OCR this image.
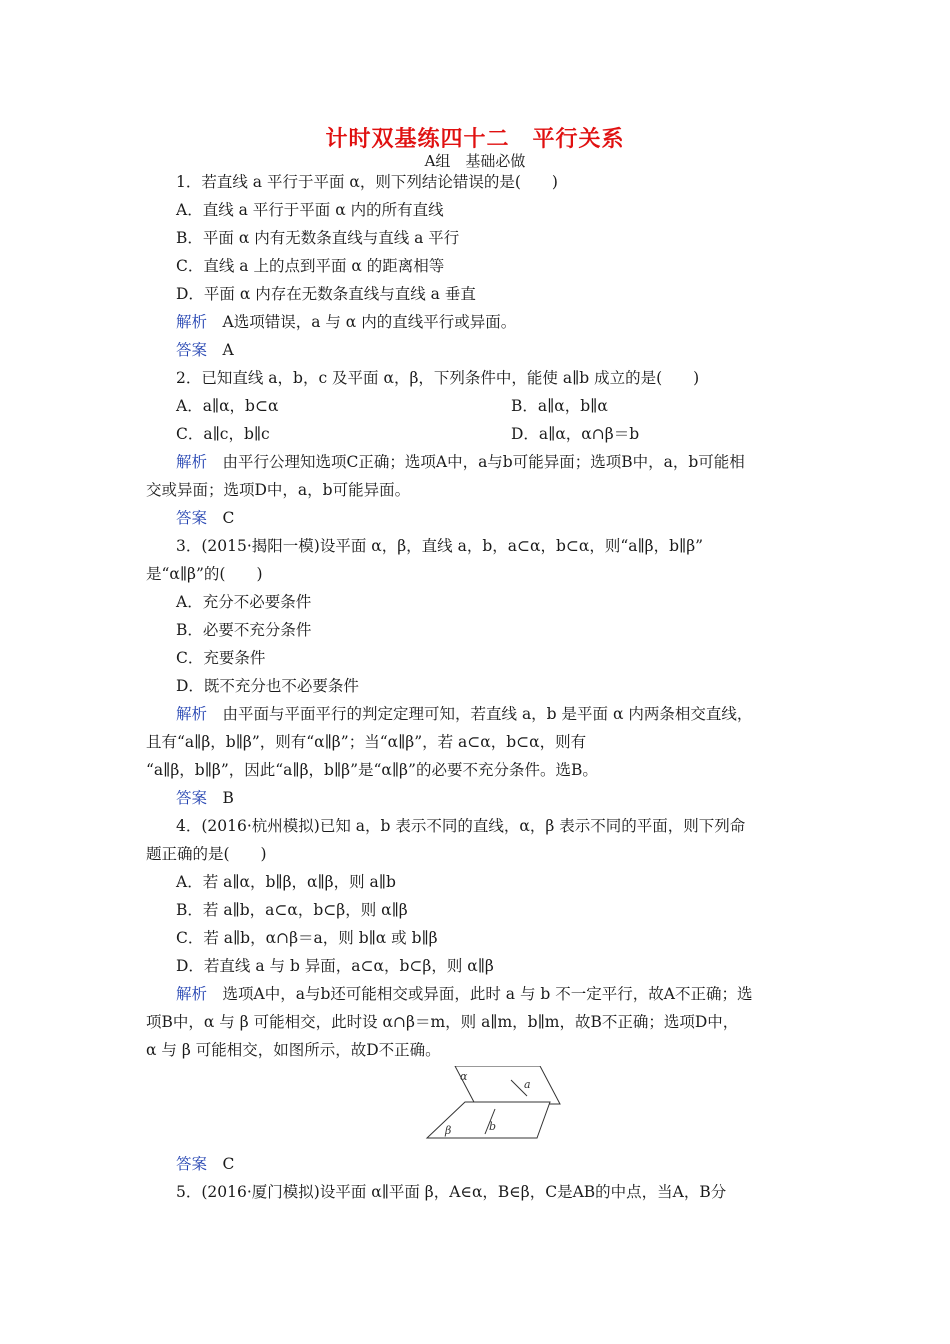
计时双基练四十二　平行关系
A组　基础必做
1．若直线 a 平行于平面 α，则下列结论错误的是(　　)
A．直线 a 平行于平面 α 内的所有直线
B．平面 α 内有无数条直线与直线 a 平行
C．直线 a 上的点到平面 α 的距离相等
D．平面 α 内存在无数条直线与直线 a 垂直
解析　A选项错误，a 与 α 内的直线平行或异面。
答案　A
2．已知直线 a，b，c 及平面 α，β，下列条件中，能使 a∥b 成立的是(　　)
A．a∥α，b⊂α	B．a∥α，b∥α
C．a∥c，b∥c	D．a∥α，α∩β＝b
解析　由平行公理知选项C正确；选项A中，a与b可能异面；选项B中，a，b可能相
交或异面；选项D中，a，b可能异面。
答案　C
3．(2015·揭阳一模)设平面 α，β，直线 a，b，a⊂α，b⊂α，则“a∥β，b∥β”
是“α∥β”的(　　)
A．充分不必要条件
B．必要不充分条件
C．充要条件
D．既不充分也不必要条件
解析　由平面与平面平行的判定定理可知，若直线 a，b 是平面 α 内两条相交直线，
且有“a∥β，b∥β”，则有“α∥β”；当“α∥β”，若 a⊂α，b⊂α，则有
“a∥β，b∥β”，因此“a∥β，b∥β”是“α∥β”的必要不充分条件。选B。
答案　B
4．(2016·杭州模拟)已知 a，b 表示不同的直线，α，β 表示不同的平面，则下列命
题正确的是(　　)
A．若 a∥α，b∥β，α∥β，则 a∥b
B．若 a∥b，a⊂α，b⊂β，则 α∥β
C．若 a∥b，α∩β＝a，则 b∥α 或 b∥β
D．若直线 a 与 b 异面，a⊂α，b⊂β，则 α∥β
解析　选项A中，a与b还可能相交或异面，此时 a 与 b 不一定平行，故A不正确；选
项B中，α 与 β 可能相交，此时设 α∩β＝m，则 a∥m，b∥m，故B不正确；选项D中，
α 与 β 可能相交，如图所示，故D不正确。
α
a
β	b
答案　C
5．(2016·厦门模拟)设平面 α∥平面 β，A∈α，B∈β，C是AB的中点，当A，B分
